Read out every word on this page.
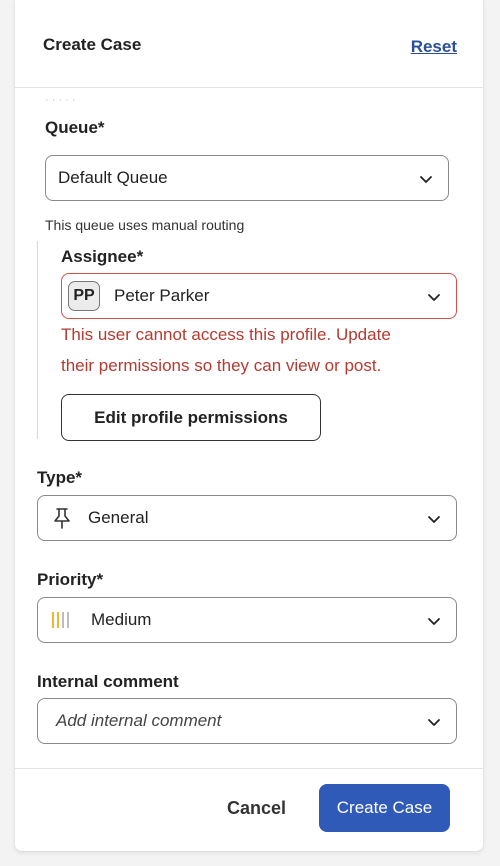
Create Case	Reset
· · · · ·
Queue*
Default Queue
This queue uses manual routing
Assignee*
PP	Peter Parker
This user cannot access this profile. Update
their permissions so they can view or post.
Edit profile permissions
Type*
General
Priority*
Medium
Internal comment
Add internal comment
Cancel	Create Case
